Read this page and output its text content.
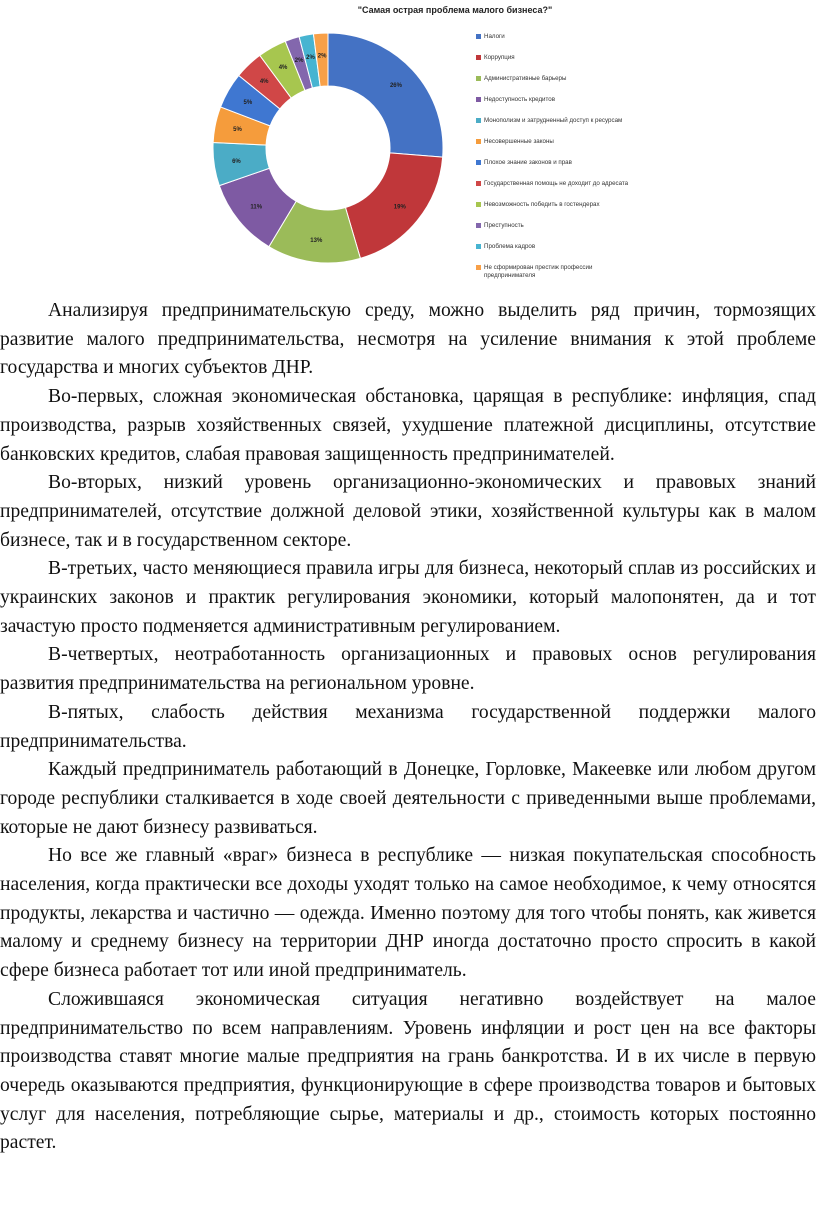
"Самая острая проблема малого бизнеса?"
26%
19%
13%
11%
6%
5%
5%
4%
4%
2% 2% 2%
Налоги
Коррупция
Административные барьеры
Недоступность кредитов
Монополизм и затрудненный доступ к ресурсам
Несовершенные законы
Плохое знание законов и прав
Государственная помощь не доходит до адресата
Невозможность победить в гостендерах
Преступность
Проблема кадров
Не сформирован престиж профессии предпринимателя

Анализируя предпринимательскую среду, можно выделить ряд причин, тормозящих развитие малого предпринимательства, несмотря на усиление внимания к этой проблеме государства и многих субъектов ДНР.

Во-первых, сложная экономическая обстановка, царящая в республике: инфляция, спад производства, разрыв хозяйственных связей, ухудшение платежной дисциплины, отсутствие банковских кредитов, слабая правовая защищенность предпринимателей.

Во-вторых, низкий уровень организационно-экономических и правовых знаний предпринимателей, отсутствие должной деловой этики, хозяйственной культуры как в малом бизнесе, так и в государственном секторе.

В-третьих, часто меняющиеся правила игры для бизнеса, некоторый сплав из российских и украинских законов и практик регулирования экономики, который малопонятен, да и тот зачастую просто подменяется административным регулированием.

В-четвертых, неотработанность организационных и правовых основ регулирования развития предпринимательства на региональном уровне.

В-пятых, слабость действия механизма государственной поддержки малого предпринимательства.

Каждый предприниматель работающий в Донецке, Горловке, Макеевке или любом другом городе республики сталкивается в ходе своей деятельности с приведенными выше проблемами, которые не дают бизнесу развиваться.

Но все же главный «враг» бизнеса в республике — низкая покупательская способность населения, когда практически все доходы уходят только на самое необходимое, к чему относятся продукты, лекарства и частично — одежда. Именно поэтому для того чтобы понять, как живется малому и среднему бизнесу на территории ДНР иногда достаточно просто спросить в какой сфере бизнеса работает тот или иной предприниматель.

Сложившаяся экономическая ситуация негативно воздействует на малое предпринимательство по всем направлениям. Уровень инфляции и рост цен на все факторы производства ставят многие малые предприятия на грань банкротства. И в их числе в первую очередь оказываются предприятия, функционирующие в сфере производства товаров и бытовых услуг для населения, потребляющие сырье, материалы и др., стоимость которых постоянно растет.
